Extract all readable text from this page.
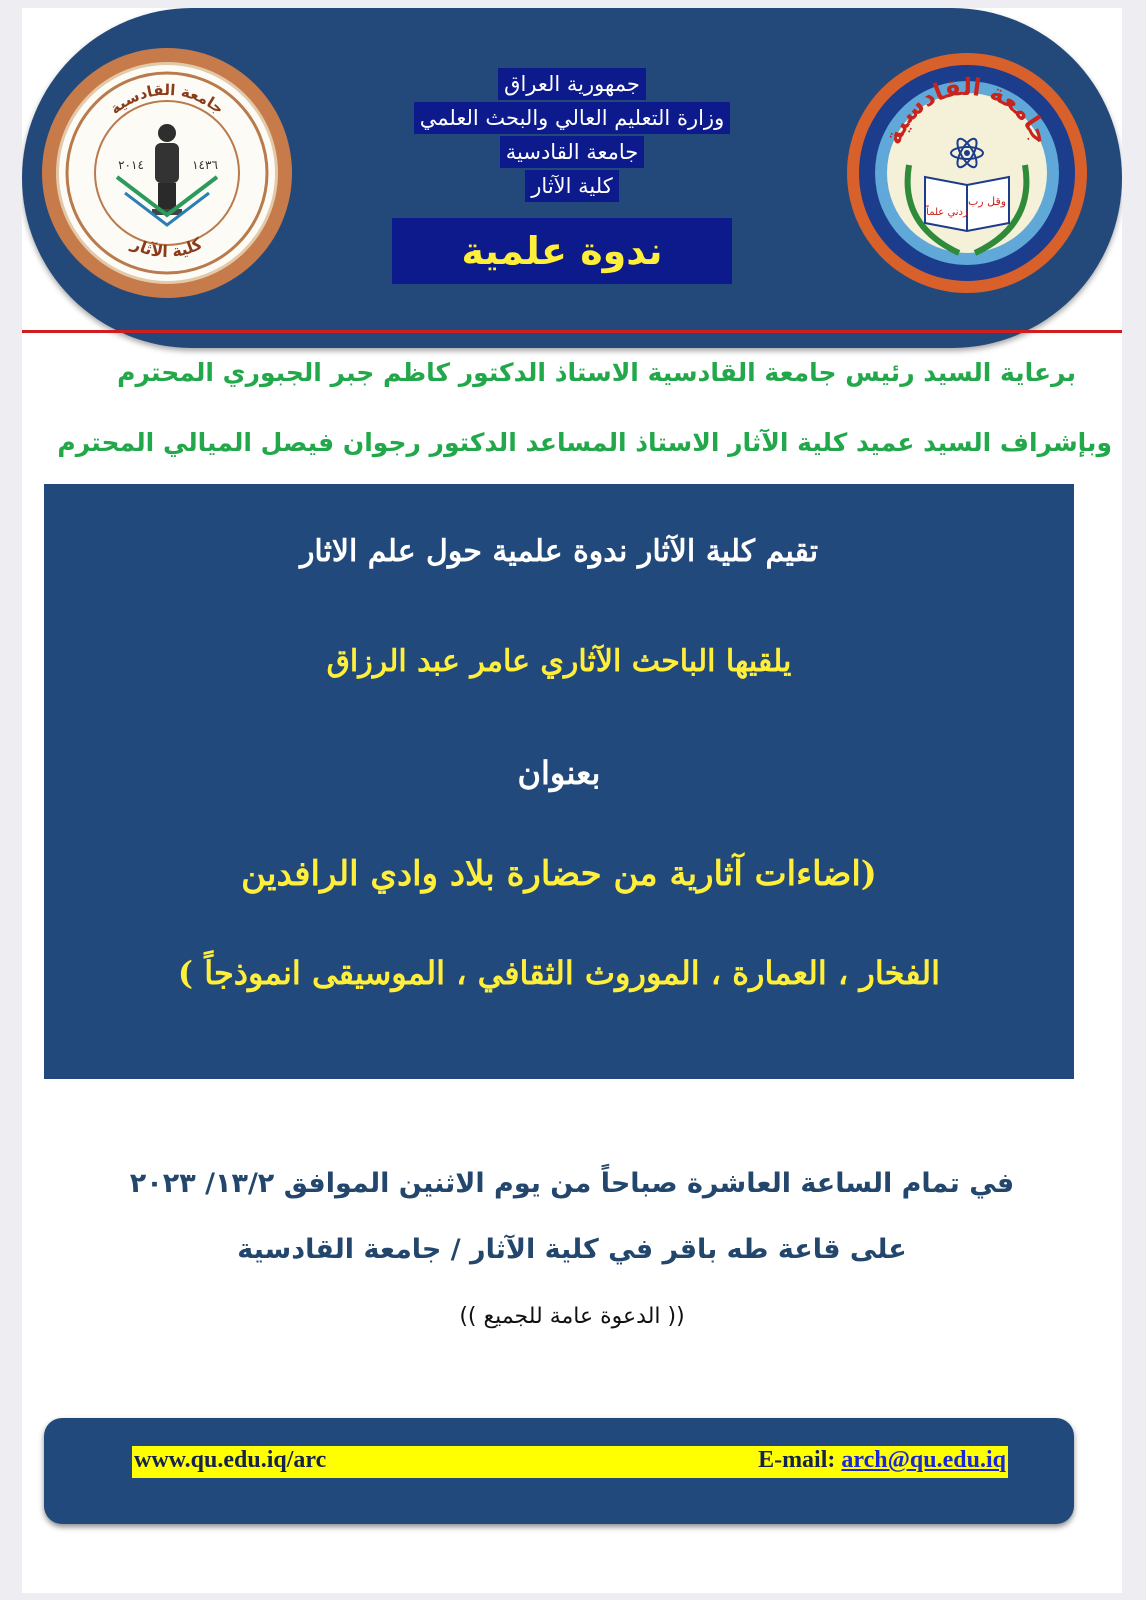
جامعة القادسية
كلية الآثار
٢٠١٤	١٤٣٦
جمهورية العراق
وزارة التعليم العالي والبحث العلمي
جامعة القادسية
كلية الآثار
ندوة علمية
جامعة القادسية
وقل رب
زدني علماً
برعاية السيد رئيس جامعة القادسية الاستاذ الدكتور كاظم جبر الجبوري المحترم
وبإشراف السيد عميد كلية الآثار الاستاذ المساعد الدكتور رجوان فيصل الميالي المحترم
تقيم كلية الآثار ندوة علمية حول علم الاثار
يلقيها الباحث الآثاري عامر عبد الرزاق
بعنوان
(اضاءات آثارية من حضارة بلاد وادي الرافدين
الفخار ، العمارة ، الموروث الثقافي ، الموسيقى انموذجاً )
في تمام الساعة العاشرة صباحاً من يوم الاثنين الموافق ١٣/٢/ ٢٠٢٣
على قاعة طه باقر في كلية الآثار / جامعة القادسية
(( الدعوة عامة للجميع ))
www.qu.edu.iq/arc	E-mail: arch@qu.edu.iq
